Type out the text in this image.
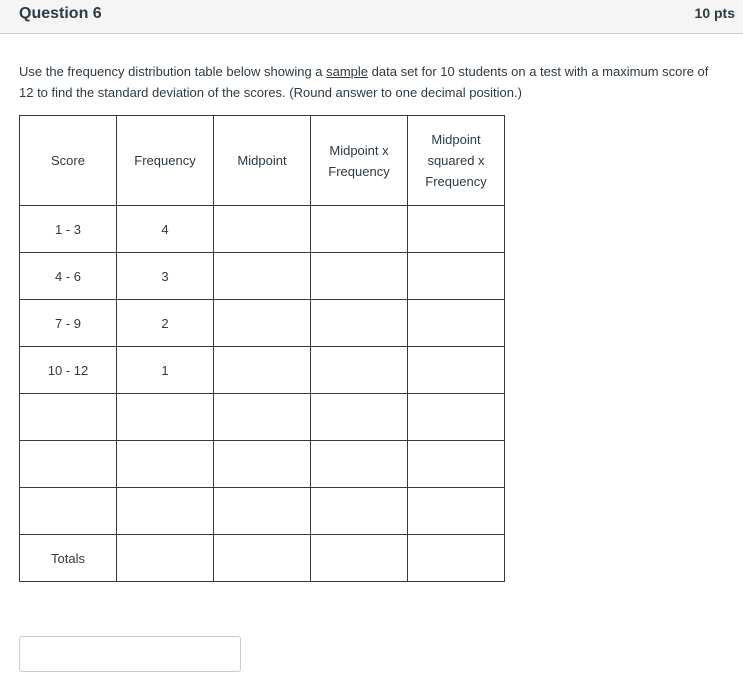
Question 6	10 pts
Use the frequency distribution table below showing a sample data set for 10 students on a test with a maximum score of 12 to find the standard deviation of the scores. (Round answer to one decimal position.)
Score	Frequency	Midpoint	Midpoint x Frequency	Midpoint squared x Frequency
1 - 3	4			
4 - 6	3			
7 - 9	2			
10 - 12	1			

Totals				
